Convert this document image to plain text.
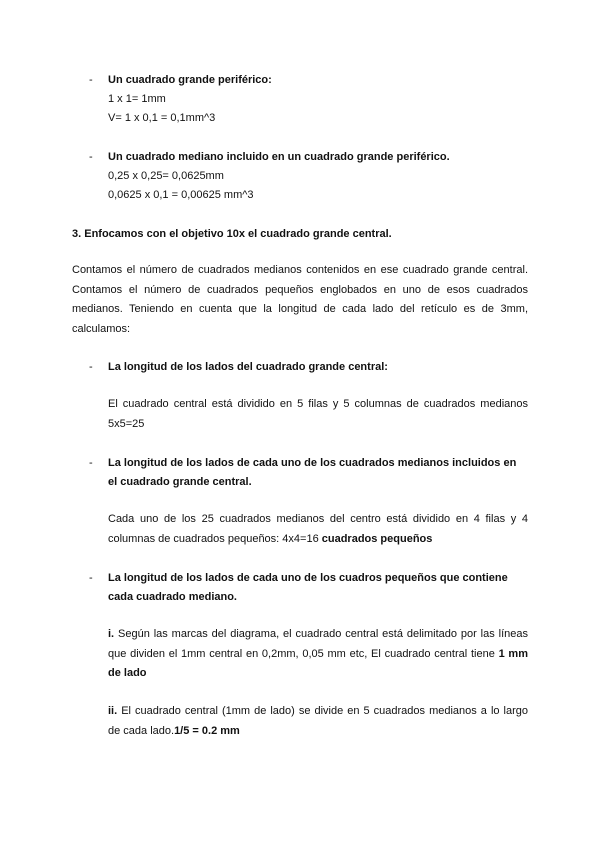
- Un cuadrado grande periférico:
1 x 1= 1mm
V= 1 x 0,1 = 0,1mm^3
- Un cuadrado mediano incluido en un cuadrado grande periférico.
0,25 x 0,25= 0,0625mm
0,0625 x 0,1 = 0,00625 mm^3
3. Enfocamos con el objetivo 10x el cuadrado grande central.
Contamos el número de cuadrados medianos contenidos en ese cuadrado grande central. Contamos el número de cuadrados pequeños englobados en uno de esos cuadrados medianos. Teniendo en cuenta que la longitud de cada lado del retículo es de 3mm, calculamos:
- La longitud de los lados del cuadrado grande central:
El cuadrado central está dividido en 5 filas y 5 columnas de cuadrados medianos 5x5=25
- La longitud de los lados de cada uno de los cuadrados medianos incluidos en
el cuadrado grande central.
Cada uno de los 25 cuadrados medianos del centro está dividido en 4 filas y 4 columnas de cuadrados pequeños: 4x4=16 cuadrados pequeños
- La longitud de los lados de cada uno de los cuadros pequeños que contiene
cada cuadrado mediano.
i. Según las marcas del diagrama, el cuadrado central está delimitado por las líneas que dividen el 1mm central en 0,2mm, 0,05 mm etc, El cuadrado central tiene 1 mm de lado
ii. El cuadrado central (1mm de lado) se divide en 5 cuadrados medianos a lo largo de cada lado.1/5 = 0.2 mm
